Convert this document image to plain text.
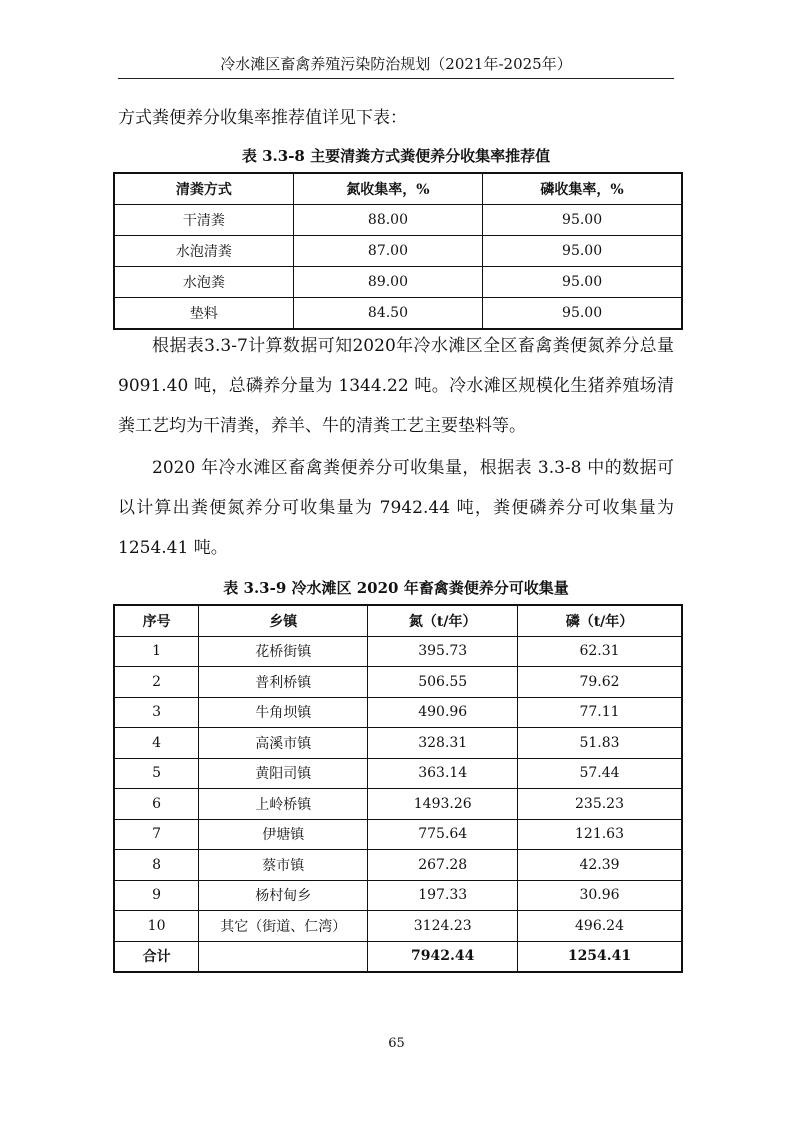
冷水滩区畜禽养殖污染防治规划（2021年-2025年）

方式粪便养分收集率推荐值详见下表：

表 3.3-8 主要清粪方式粪便养分收集率推荐值
清粪方式	氮收集率，%	磷收集率，%
干清粪	88.00	95.00
水泡清粪	87.00	95.00
水泡粪	89.00	95.00
垫料	84.50	95.00

根据表3.3-7计算数据可知2020年冷水滩区全区畜禽粪便氮养分总量 9091.40 吨，总磷养分量为 1344.22 吨。冷水滩区规模化生猪养殖场清粪工艺均为干清粪，养羊、牛的清粪工艺主要垫料等。

2020 年冷水滩区畜禽粪便养分可收集量，根据表 3.3-8 中的数据可以计算出粪便氮养分可收集量为 7942.44 吨，粪便磷养分可收集量为 1254.41 吨。

表 3.3-9 冷水滩区 2020 年畜禽粪便养分可收集量
序号	乡镇	氮（t/年）	磷（t/年）
1	花桥街镇	395.73	62.31
2	普利桥镇	506.55	79.62
3	牛角坝镇	490.96	77.11
4	高溪市镇	328.31	51.83
5	黄阳司镇	363.14	57.44
6	上岭桥镇	1493.26	235.23
7	伊塘镇	775.64	121.63
8	蔡市镇	267.28	42.39
9	杨村甸乡	197.33	30.96
10	其它（街道、仁湾）	3124.23	496.24
合计		7942.44	1254.41
65
